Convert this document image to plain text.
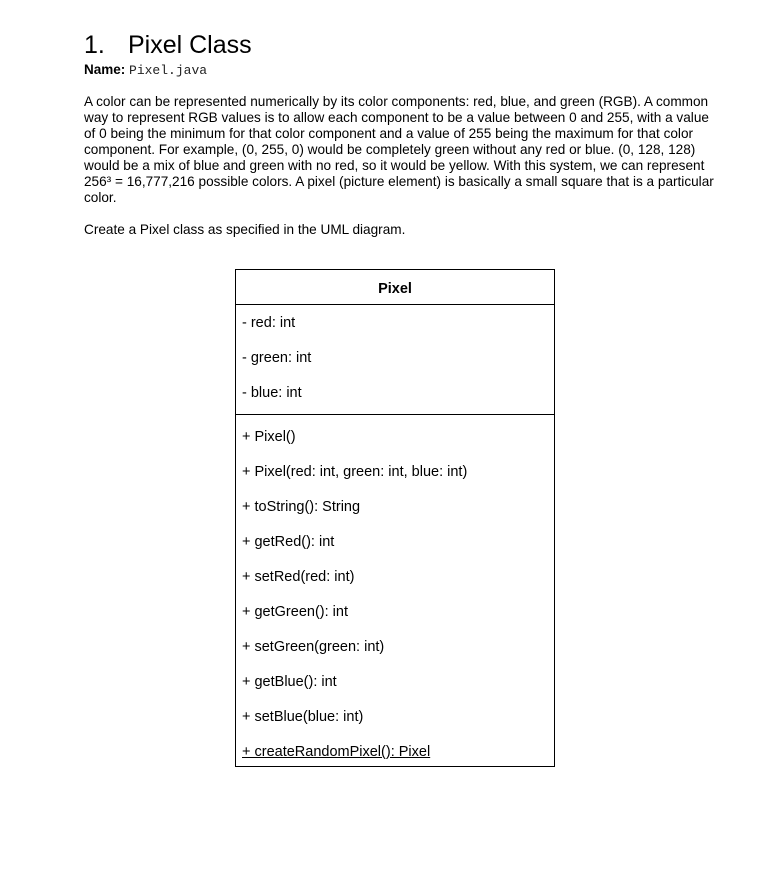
1. Pixel Class
Name: Pixel.java

A color can be represented numerically by its color components: red, blue, and green (RGB). A common way to represent RGB values is to allow each component to be a value between 0 and 255, with a value of 0 being the minimum for that color component and a value of 255 being the maximum for that color component. For example, (0, 255, 0) would be completely green without any red or blue. (0, 128, 128) would be a mix of blue and green with no red, so it would be yellow. With this system, we can represent 256³ = 16,777,216 possible colors. A pixel (picture element) is basically a small square that is a particular color.

Create a Pixel class as specified in the UML diagram.

Pixel
- red: int
- green: int
- blue: int
+ Pixel()
+ Pixel(red: int, green: int, blue: int)
+ toString(): String
+ getRed(): int
+ setRed(red: int)
+ getGreen(): int
+ setGreen(green: int)
+ getBlue(): int
+ setBlue(blue: int)
+ createRandomPixel(): Pixel
